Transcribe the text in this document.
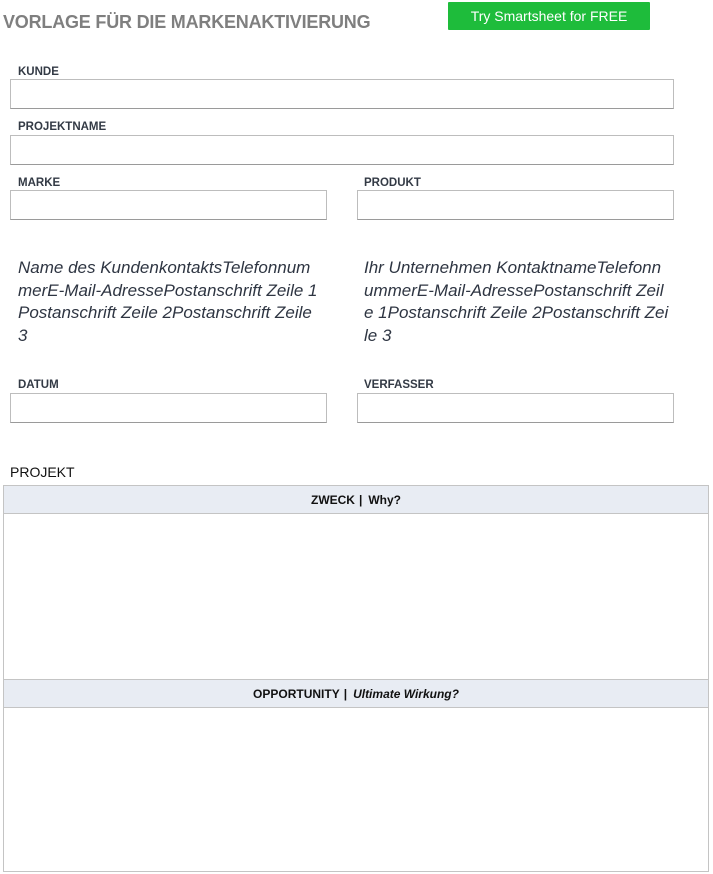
VORLAGE FÜR DIE MARKENAKTIVIERUNG	Try Smartsheet for FREE
KUNDE
PROJEKTNAME
MARKE	PRODUKT
Name des KundenkontaktsTelefonnummerE-Mail-AdressePostanschrift Zeile 1Postanschrift Zeile 2Postanschrift Zeile 3
Ihr Unternehmen KontaktnameTelefonnummerE-Mail-AdressePostanschrift Zeile 1Postanschrift Zeile 2Postanschrift Zeile 3
DATUM	VERFASSER
PROJEKT
ZWECK | Why?
OPPORTUNITY | Ultimate Wirkung?
